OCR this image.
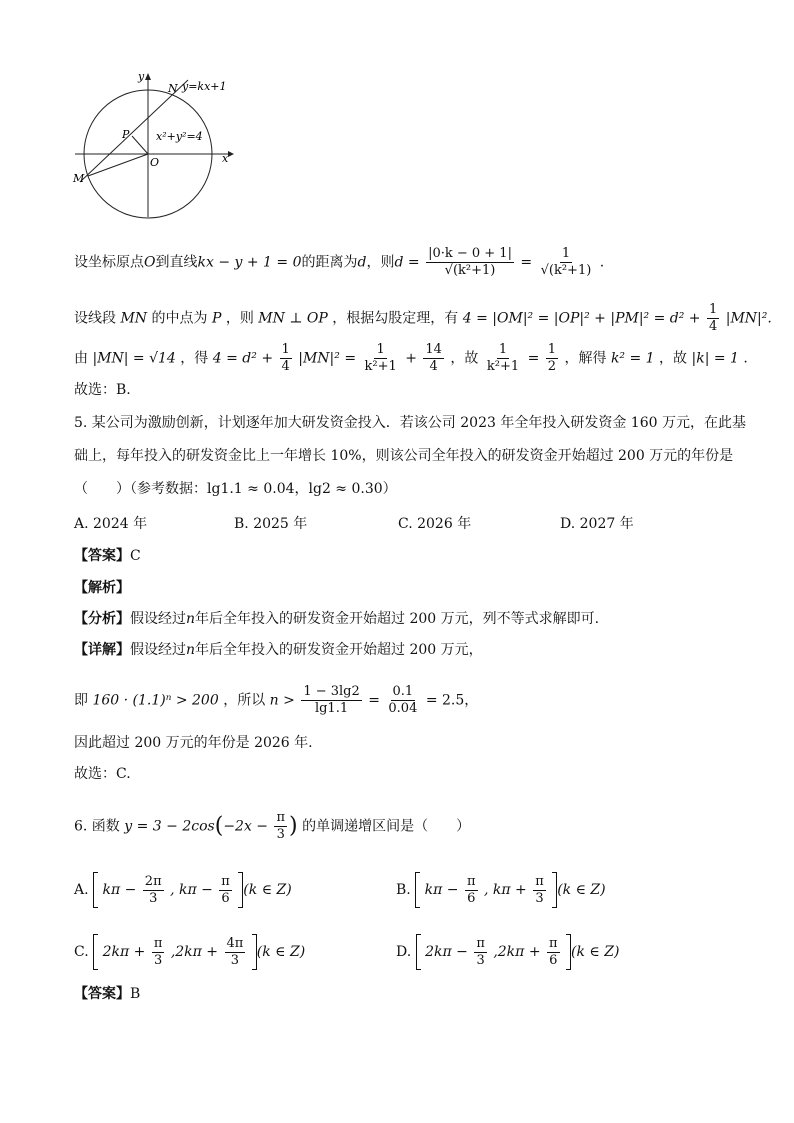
y
x
O
N y=kx+1
P x²+y²=4
M
设坐标原点O到直线kx − y + 1 = 0的距离为d，则$d = \frac{|0\cdot k - 0 + 1|}{\text{√(k²+1)}} = \frac{1}{\text{√(k²+1)}}$ .
设线段 MN 的中点为 P ，则 MN ⊥ OP ，根据勾股定理，有 $4 = |OM|^2 = |OP|^2 + |PM|^2 = d^2 + \frac{1}{4} |MN|^2$.
由 |MN| = √14 ，得 $4 = d^2 + \frac{1}{4} |MN|^2 = \frac{1}{\text{k²+1}} + \frac{14}{4}$ ，故 $\frac{1}{\text{k²+1}} = \frac{1}{2}$ ，解得 k² = 1 ，故 |k| = 1 .
故选：B.
5. 某公司为激励创新，计划逐年加大研发资金投入．若该公司 2023 年全年投入研发资金 160 万元，在此基
础上，每年投入的研发资金比上一年增长 10%，则该公司全年投入的研发资金开始超过 200 万元的年份是
（　　）（参考数据：lg1.1 ≈ 0.04，lg2 ≈ 0.30）
A. 2024 年	B. 2025 年	C. 2026 年	D. 2027 年
【答案】C
【解析】
【分析】假设经过n年后全年投入的研发资金开始超过 200 万元，列不等式求解即可.
【详解】假设经过n年后全年投入的研发资金开始超过 200 万元，
即 160 · (1.1)ⁿ > 200 ，所以 $n > \frac{1 - 3\lg 2}{\lg 1.1} = \frac{0.1}{0.04} = 2.5$，
因此超过 200 万元的年份是 2026 年.
故选：C.
6. 函数 $y = 3 - 2\cos(-2x - \frac{\pi}{3}$ ) 的单调递增区间是（　　）
A. $k\pi - \frac{2\pi}{3}$ , $k\pi - \frac{\pi}{6} (k$ ∈ Z)	B. $k\pi - \frac{\pi}{6}$ , $k\pi + \frac{\pi}{3} (k$ ∈ Z)
C. $2k\pi + \frac{\pi}{3} ,2k\pi + \frac{4\pi}{3} (k$ ∈ Z)	D. $2k\pi - \frac{\pi}{3} ,2k\pi + \frac{\pi}{6} (k$ ∈ Z)
【答案】B
